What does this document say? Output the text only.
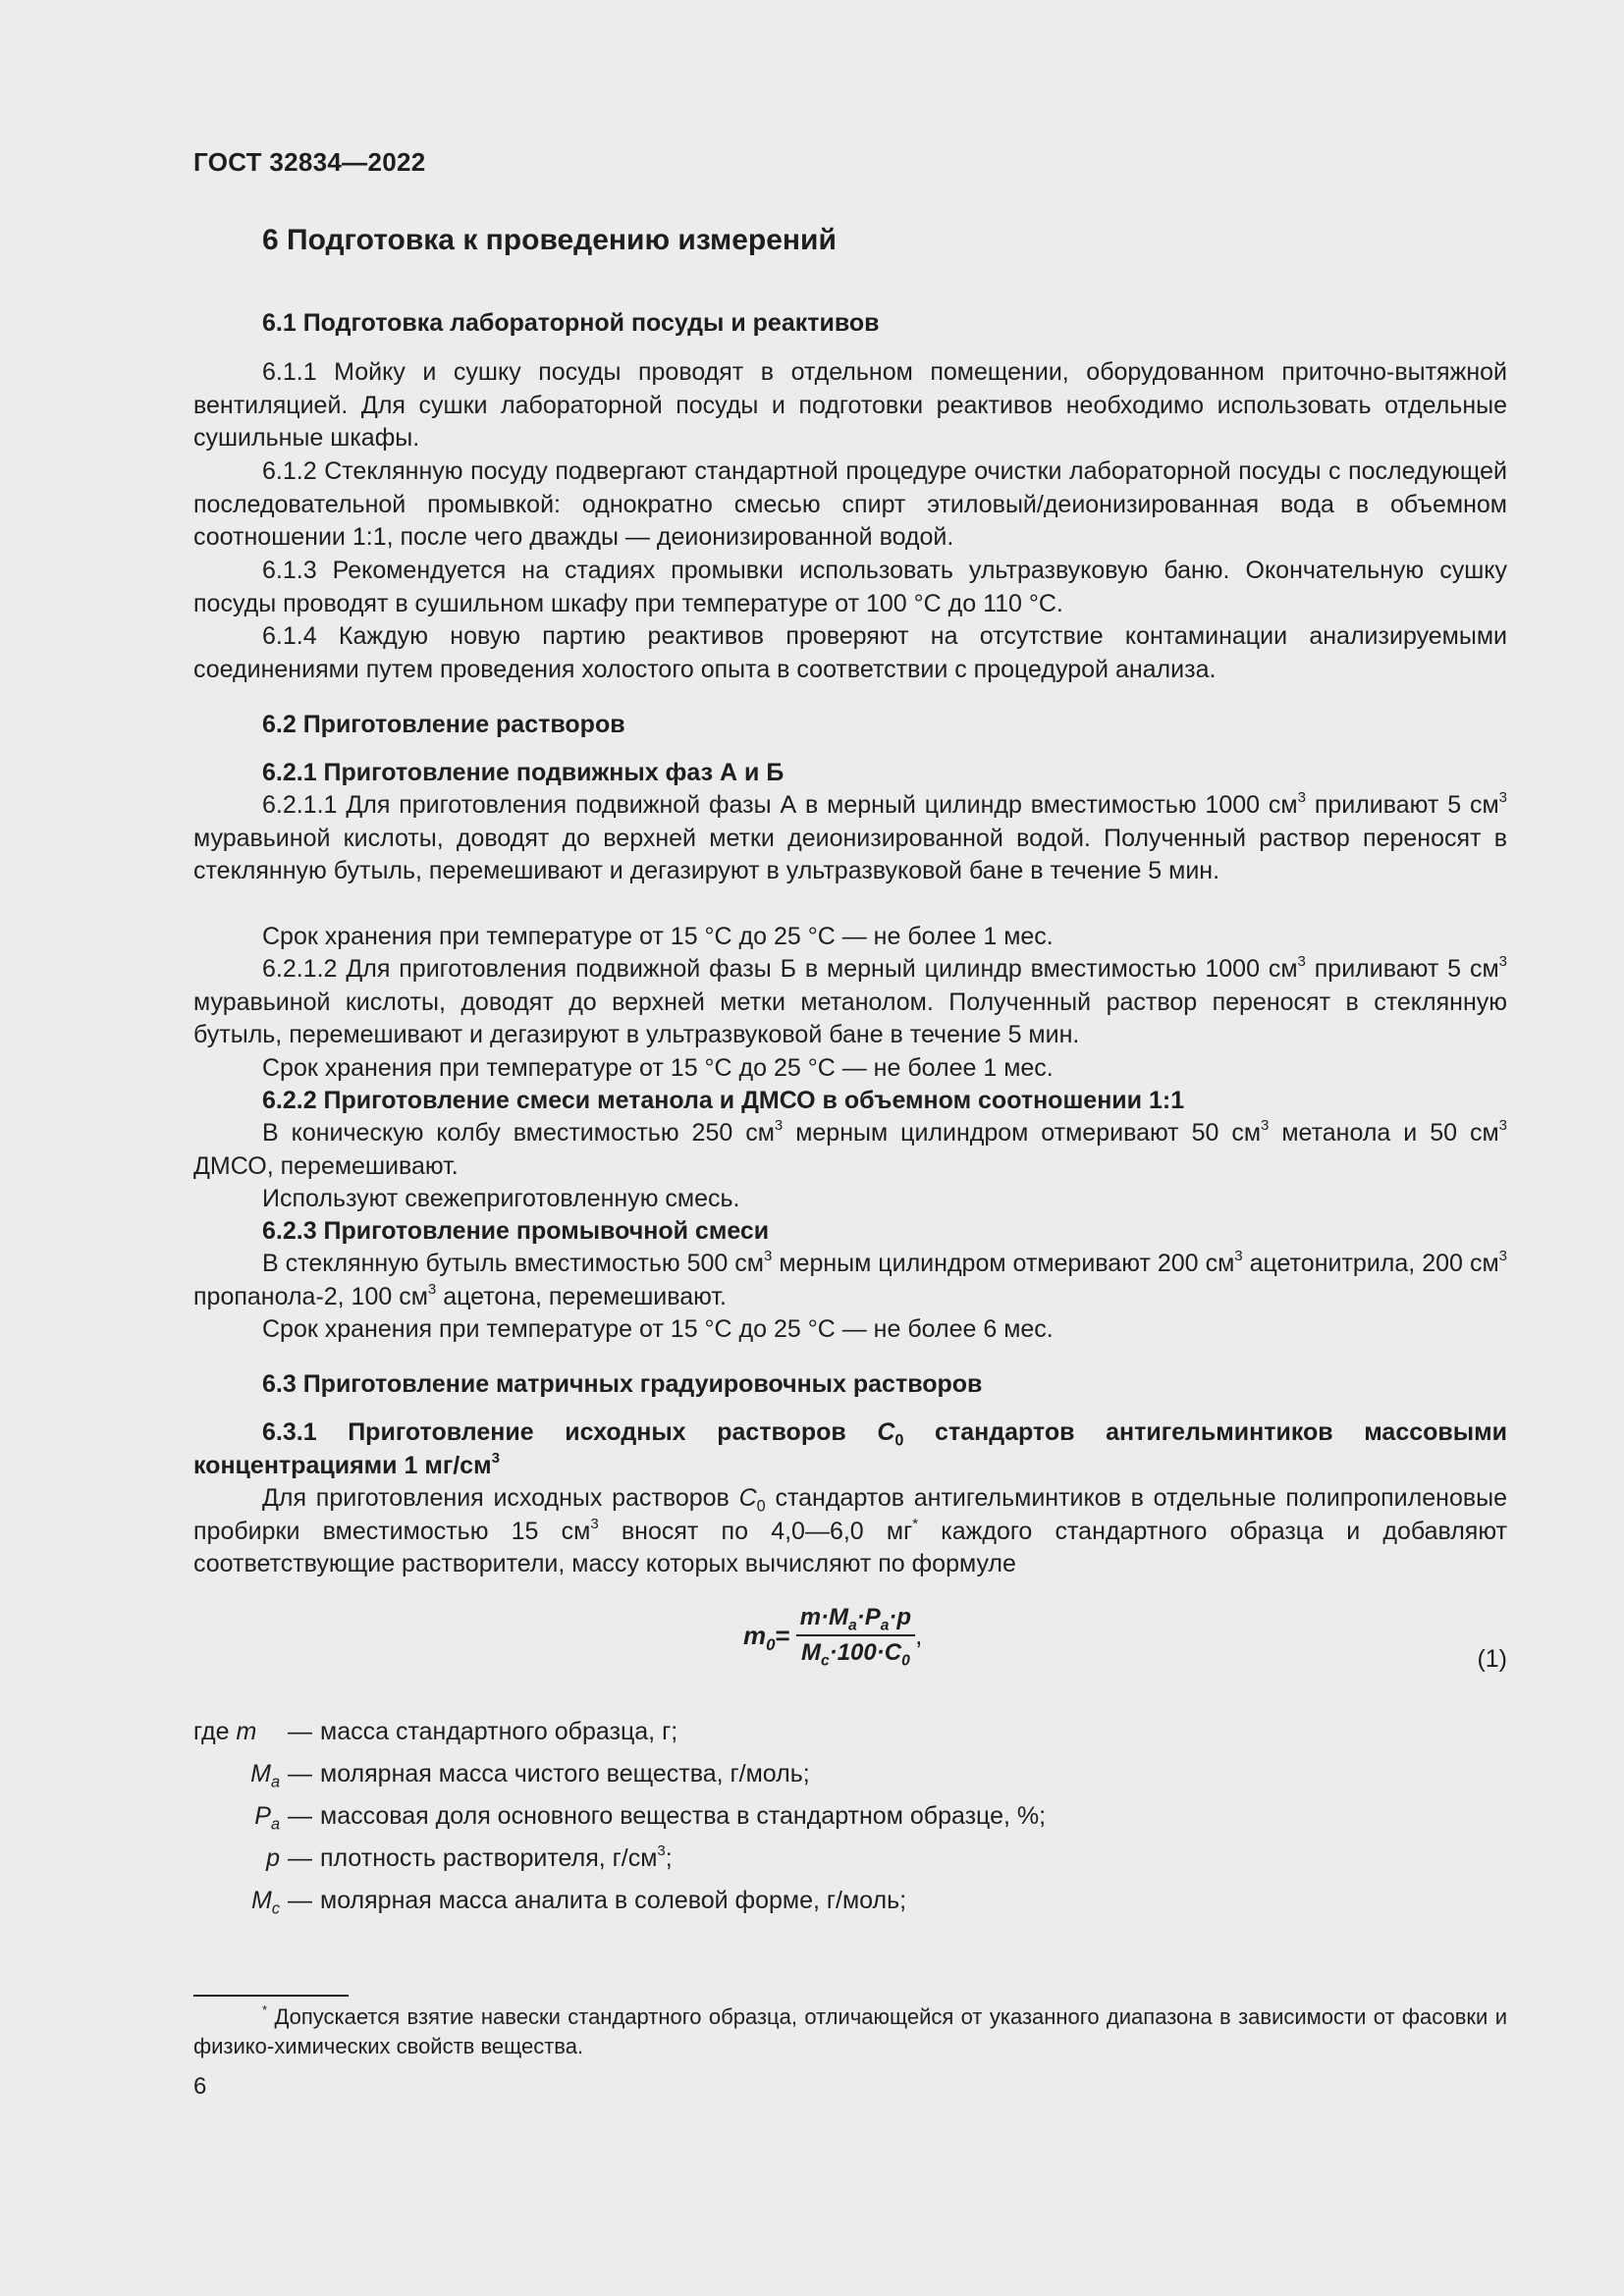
ГОСТ 32834—2022
6 Подготовка к проведению измерений
6.1 Подготовка лабораторной посуды и реактивов
6.1.1 Мойку и сушку посуды проводят в отдельном помещении, оборудованном приточно-вытяжной вентиляцией. Для сушки лабораторной посуды и подготовки реактивов необходимо использовать отдельные сушильные шкафы.
6.1.2 Стеклянную посуду подвергают стандартной процедуре очистки лабораторной посуды с последующей последовательной промывкой: однократно смесью спирт этиловый/деионизированная вода в объемном соотношении 1:1, после чего дважды — деионизированной водой.
6.1.3 Рекомендуется на стадиях промывки использовать ультразвуковую баню. Окончательную сушку посуды проводят в сушильном шкафу при температуре от 100 °C до 110 °C.
6.1.4 Каждую новую партию реактивов проверяют на отсутствие контаминации анализируемыми соединениями путем проведения холостого опыта в соответствии с процедурой анализа.
6.2 Приготовление растворов
6.2.1 Приготовление подвижных фаз А и Б
6.2.1.1 Для приготовления подвижной фазы А в мерный цилиндр вместимостью 1000 $см^3$ приливают 5 $см^3$ муравьиной кислоты, доводят до верхней метки деионизированной водой. Полученный раствор переносят в стеклянную бутыль, перемешивают и дегазируют в ультразвуковой бане в течение 5 мин.
Срок хранения при температуре от 15 °C до 25 °C — не более 1 мес.
6.2.1.2 Для приготовления подвижной фазы Б в мерный цилиндр вместимостью 1000 $см^3$ приливают 5 $см^3$ муравьиной кислоты, доводят до верхней метки метанолом. Полученный раствор переносят в стеклянную бутыль, перемешивают и дегазируют в ультразвуковой бане в течение 5 мин.
Срок хранения при температуре от 15 °C до 25 °C — не более 1 мес.
6.2.2 Приготовление смеси метанола и ДМСО в объемном соотношении 1:1
В коническую колбу вместимостью 250 $см^3$ мерным цилиндром отмеривают 50 $см^3$ метанола и 50 $см^3$ ДМСО, перемешивают.
Используют свежеприготовленную смесь.
6.2.3 Приготовление промывочной смеси
В стеклянную бутыль вместимостью 500 $см^3$ мерным цилиндром отмеривают 200 $см^3$ ацетонитрила, 200 $см^3$ пропанола-2, 100 $см^3$ ацетона, перемешивают.
Срок хранения при температуре от 15 °C до 25 °C — не более 6 мес.
6.3 Приготовление матричных градуировочных растворов
6.3.1 Приготовление исходных растворов $C_0$ стандартов антигельминтиков массовыми концентрациями 1 $мг/см^3$
Для приготовления исходных растворов $C_0$ стандартов антигельминтиков в отдельные полипропиленовые пробирки вместимостью 15 $см^3$ вносят по 4,0—6,0 мг* каждого стандартного образца и добавляют соответствующие растворители, массу которых вычисляют по формуле
$m_0 = \frac{m\cdot M_a\cdot P_a\cdot p}{M_c\cdot 100\cdot C_0}$ ,
(1)
где m — масса стандартного образца, г;
$M_a$ — молярная масса чистого вещества, г/моль;
$P_a$ — массовая доля основного вещества в стандартном образце, %;
p — плотность растворителя, $г/см^3$;
$M_c$ — молярная масса аналита в солевой форме, г/моль;
* Допускается взятие навески стандартного образца, отличающейся от указанного диапазона в зависимости от фасовки и физико-химических свойств вещества.
6
